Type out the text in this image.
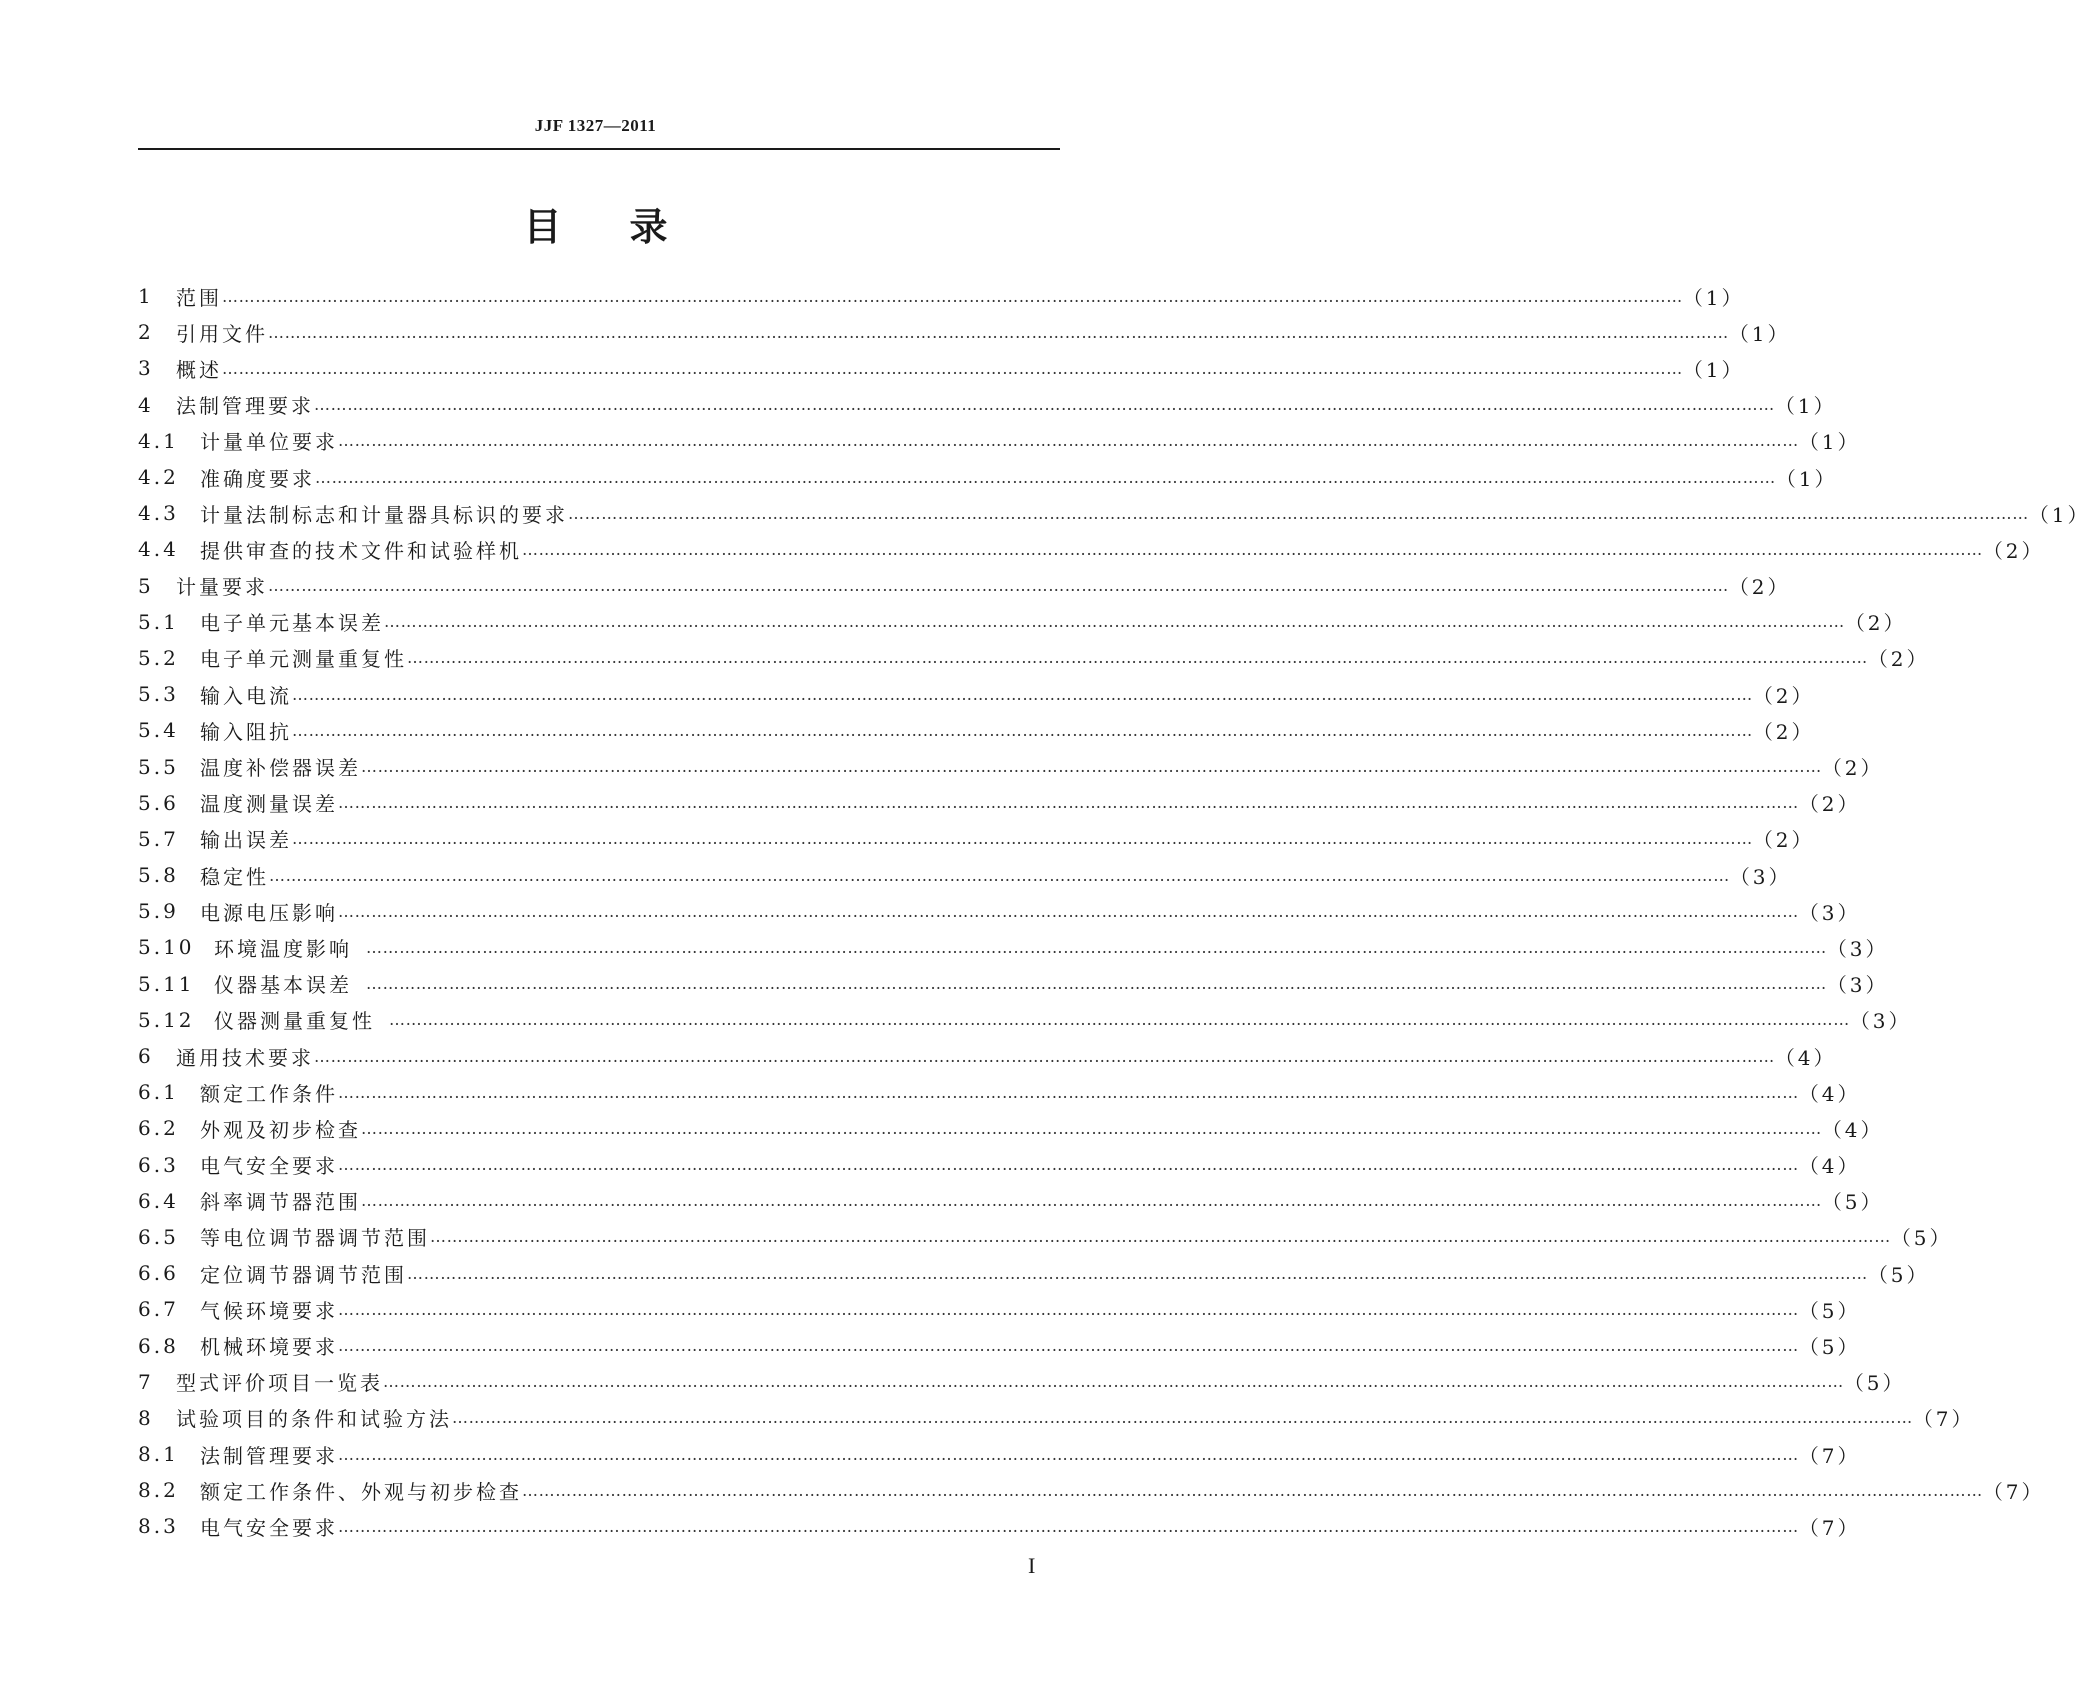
JJF 1327—2011
目录
1	范围 …………………………………………………………………………………………………………………………………………………………………………………………………………………………………………	（1）
2	引用文件 …………………………………………………………………………………………………………………………………………………………………………………………………………………………………………	（1）
3	概述 …………………………………………………………………………………………………………………………………………………………………………………………………………………………………………	（1）
4	法制管理要求 …………………………………………………………………………………………………………………………………………………………………………………………………………………………………………	（1）
4.1	计量单位要求 …………………………………………………………………………………………………………………………………………………………………………………………………………………………………………	（1）
4.2	准确度要求 …………………………………………………………………………………………………………………………………………………………………………………………………………………………………………	（1）
4.3	计量法制标志和计量器具标识的要求 …………………………………………………………………………………………………………………………………………………………………………………………………………………………………………	（1）
4.4	提供审查的技术文件和试验样机 …………………………………………………………………………………………………………………………………………………………………………………………………………………………………………	（2）
5	计量要求 …………………………………………………………………………………………………………………………………………………………………………………………………………………………………………	（2）
5.1	电子单元基本误差 …………………………………………………………………………………………………………………………………………………………………………………………………………………………………………	（2）
5.2	电子单元测量重复性 …………………………………………………………………………………………………………………………………………………………………………………………………………………………………………	（2）
5.3	输入电流 …………………………………………………………………………………………………………………………………………………………………………………………………………………………………………	（2）
5.4	输入阻抗 …………………………………………………………………………………………………………………………………………………………………………………………………………………………………………	（2）
5.5	温度补偿器误差 …………………………………………………………………………………………………………………………………………………………………………………………………………………………………………	（2）
5.6	温度测量误差 …………………………………………………………………………………………………………………………………………………………………………………………………………………………………………	（2）
5.7	输出误差 …………………………………………………………………………………………………………………………………………………………………………………………………………………………………………	（2）
5.8	稳定性 …………………………………………………………………………………………………………………………………………………………………………………………………………………………………………	（3）
5.9	电源电压影响 …………………………………………………………………………………………………………………………………………………………………………………………………………………………………………	（3）
5.10 环境温度影响 …………………………………………………………………………………………………………………………………………………………………………………………………………………………………………	（3）
5.11 仪器基本误差 …………………………………………………………………………………………………………………………………………………………………………………………………………………………………………	（3）
5.12 仪器测量重复性 …………………………………………………………………………………………………………………………………………………………………………………………………………………………………………	（3）
6	通用技术要求 …………………………………………………………………………………………………………………………………………………………………………………………………………………………………………	（4）
6.1	额定工作条件 …………………………………………………………………………………………………………………………………………………………………………………………………………………………………………	（4）
6.2	外观及初步检查 …………………………………………………………………………………………………………………………………………………………………………………………………………………………………………	（4）
6.3	电气安全要求 …………………………………………………………………………………………………………………………………………………………………………………………………………………………………………	（4）
6.4	斜率调节器范围 …………………………………………………………………………………………………………………………………………………………………………………………………………………………………………	（5）
6.5	等电位调节器调节范围 …………………………………………………………………………………………………………………………………………………………………………………………………………………………………………	（5）
6.6	定位调节器调节范围 …………………………………………………………………………………………………………………………………………………………………………………………………………………………………………	（5）
6.7	气候环境要求 …………………………………………………………………………………………………………………………………………………………………………………………………………………………………………	（5）
6.8	机械环境要求 …………………………………………………………………………………………………………………………………………………………………………………………………………………………………………	（5）
7	型式评价项目一览表 …………………………………………………………………………………………………………………………………………………………………………………………………………………………………………	（5）
8	试验项目的条件和试验方法 …………………………………………………………………………………………………………………………………………………………………………………………………………………………………………	（7）
8.1	法制管理要求 …………………………………………………………………………………………………………………………………………………………………………………………………………………………………………	（7）
8.2	额定工作条件、外观与初步检查 …………………………………………………………………………………………………………………………………………………………………………………………………………………………………………	（7）
8.3	电气安全要求 …………………………………………………………………………………………………………………………………………………………………………………………………………………………………………	（7）
I
